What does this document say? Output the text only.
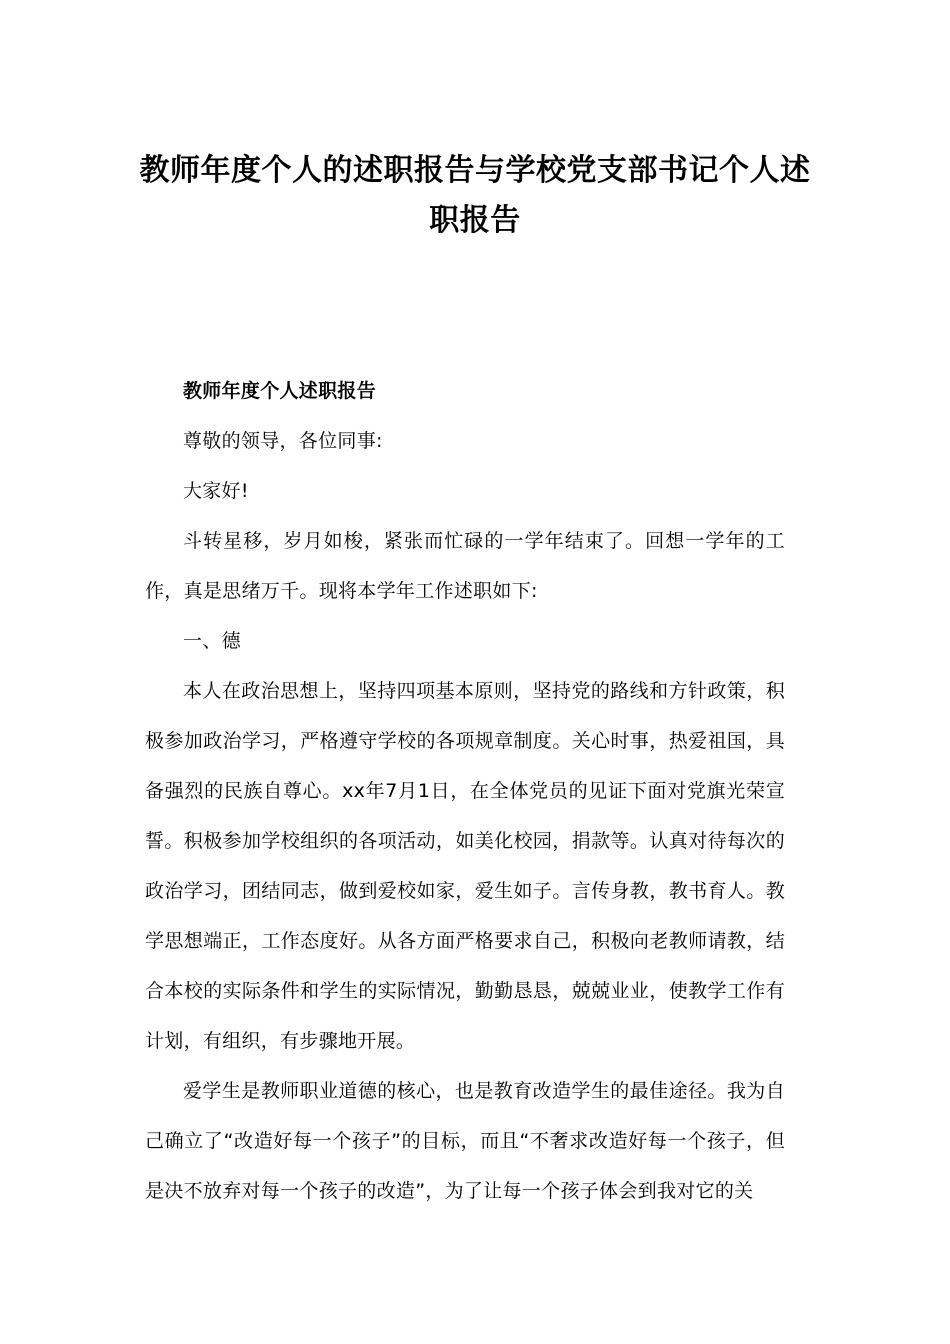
教师年度个人的述职报告与学校党支部书记个人述职报告

教师年度个人述职报告

尊敬的领导，各位同事:

大家好!

斗转星移，岁月如梭，紧张而忙碌的一学年结束了。回想一学年的工作，真是思绪万千。现将本学年工作述职如下:

一、德

本人在政治思想上，坚持四项基本原则，坚持党的路线和方针政策，积极参加政治学习，严格遵守学校的各项规章制度。关心时事，热爱祖国，具备强烈的民族自尊心。xx年7月1日，在全体党员的见证下面对党旗光荣宣誓。积极参加学校组织的各项活动，如美化校园，捐款等。认真对待每次的政治学习，团结同志，做到爱校如家，爱生如子。言传身教，教书育人。教学思想端正，工作态度好。从各方面严格要求自己，积极向老教师请教，结合本校的实际条件和学生的实际情况，勤勤恳恳，兢兢业业，使教学工作有计划，有组织，有步骤地开展。

爱学生是教师职业道德的核心，也是教育改造学生的最佳途径。我为自己确立了“改造好每一个孩子”的目标，而且“不奢求改造好每一个孩子，但是决不放弃对每一个孩子的改造”，为了让每一个孩子体会到我对它的关
